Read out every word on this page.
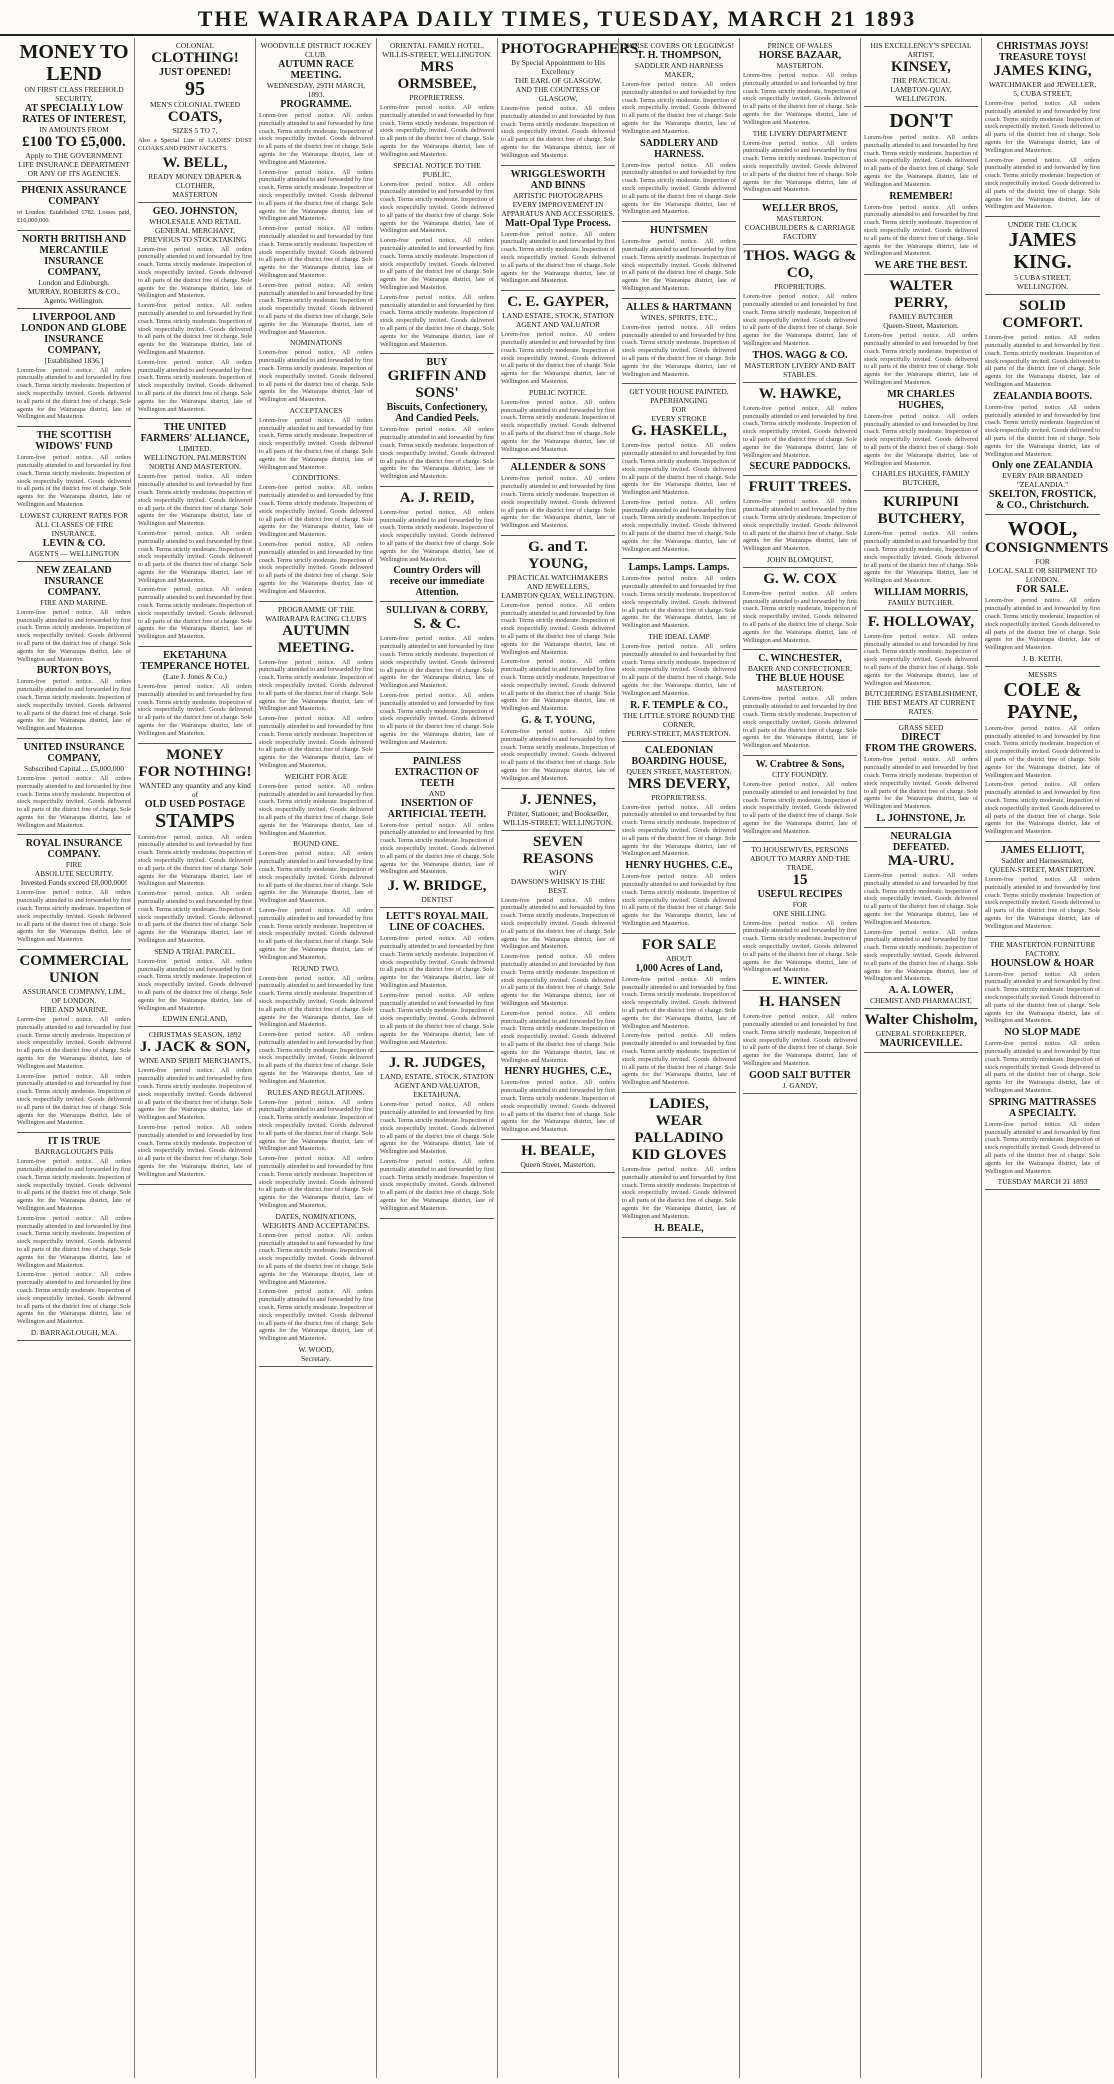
THE WAIRARAPA DAILY TIMES, TUESDAY, MARCH 21 1893
MONEY TO LEND
ON FIRST CLASS FREEHOLD SECURITY,
AT SPECIALLY LOW RATES OF INTEREST,
IN AMOUNTS FROM
£100 TO £5,000.
Apply to THE GOVERNMENT LIFE INSURANCE DEPARTMENT OR ANY OF ITS AGENCIES.
PHŒNIX ASSURANCE COMPANY
of London. Established 1782. Losses paid, £16,000,000.
NORTH BRITISH AND MERCANTILE INSURANCE COMPANY,
London and Edinburgh.
MURRAY, ROBERTS & CO., Agents, Wellington.
LIVERPOOL AND LONDON AND GLOBE INSURANCE COMPANY,
[Established 1836.]
Lorem-free period notice. All orders punctually attended to and forwarded by first coach. Terms strictly moderate. Inspection of stock respectfully invited. Goods delivered to all parts of the district free of charge. Sole agents for the Wairarapa district, late of Wellington and Masterton.
THE SCOTTISH WIDOWS' FUND
Lorem-free period notice. All orders punctually attended to and forwarded by first coach. Terms strictly moderate. Inspection of stock respectfully invited. Goods delivered to all parts of the district free of charge. Sole agents for the Wairarapa district, late of Wellington and Masterton.
LOWEST CURRENT RATES FOR ALL CLASSES OF FIRE INSURANCE.
LEVIN & CO.
AGENTS — WELLINGTON
NEW ZEALAND INSURANCE COMPANY.
FIRE AND MARINE.
Lorem-free period notice. All orders punctually attended to and forwarded by first coach. Terms strictly moderate. Inspection of stock respectfully invited. Goods delivered to all parts of the district free of charge. Sole agents for the Wairarapa district, late of Wellington and Masterton.
BURTON BOYS,
Lorem-free period notice. All orders punctually attended to and forwarded by first coach. Terms strictly moderate. Inspection of stock respectfully invited. Goods delivered to all parts of the district free of charge. Sole agents for the Wairarapa district, late of Wellington and Masterton.
UNITED INSURANCE COMPANY,
Subscribed Capital ... £5,000,000
Lorem-free period notice. All orders punctually attended to and forwarded by first coach. Terms strictly moderate. Inspection of stock respectfully invited. Goods delivered to all parts of the district free of charge. Sole agents for the Wairarapa district, late of Wellington and Masterton.
ROYAL INSURANCE COMPANY.
FIRE
ABSOLUTE SECURITY.
Invested Funds exceed £8,000,000!
Lorem-free period notice. All orders punctually attended to and forwarded by first coach. Terms strictly moderate. Inspection of stock respectfully invited. Goods delivered to all parts of the district free of charge. Sole agents for the Wairarapa district, late of Wellington and Masterton.
COMMERCIAL UNION
ASSURANCE COMPANY, LIM., OF LONDON.
FIRE AND MARINE.
Lorem-free period notice. All orders punctually attended to and forwarded by first coach. Terms strictly moderate. Inspection of stock respectfully invited. Goods delivered to all parts of the district free of charge. Sole agents for the Wairarapa district, late of Wellington and Masterton.
Lorem-free period notice. All orders punctually attended to and forwarded by first coach. Terms strictly moderate. Inspection of stock respectfully invited. Goods delivered to all parts of the district free of charge. Sole agents for the Wairarapa district, late of Wellington and Masterton.
IT IS TRUE
BARRAGLOUGH'S Pills
Lorem-free period notice. All orders punctually attended to and forwarded by first coach. Terms strictly moderate. Inspection of stock respectfully invited. Goods delivered to all parts of the district free of charge. Sole agents for the Wairarapa district, late of Wellington and Masterton.
Lorem-free period notice. All orders punctually attended to and forwarded by first coach. Terms strictly moderate. Inspection of stock respectfully invited. Goods delivered to all parts of the district free of charge. Sole agents for the Wairarapa district, late of Wellington and Masterton.
Lorem-free period notice. All orders punctually attended to and forwarded by first coach. Terms strictly moderate. Inspection of stock respectfully invited. Goods delivered to all parts of the district free of charge. Sole agents for the Wairarapa district, late of Wellington and Masterton.
D. BARRAGLOUGH, M.A.
COLONIAL
CLOTHING!
JUST OPENED!
95
MEN'S COLONIAL TWEED
COATS,
SIZES 5 TO 7,
Also a Special Line of LADIES' DUST CLOAKS AND PRINT JACKETS.
W. BELL,
READY MONEY DRAPER & CLOTHIER,
MASTERTON
GEO. JOHNSTON,
WHOLESALE AND RETAIL GENERAL MERCHANT,
PREVIOUS TO STOCKTAKING
Lorem-free period notice. All orders punctually attended to and forwarded by first coach. Terms strictly moderate. Inspection of stock respectfully invited. Goods delivered to all parts of the district free of charge. Sole agents for the Wairarapa district, late of Wellington and Masterton.
Lorem-free period notice. All orders punctually attended to and forwarded by first coach. Terms strictly moderate. Inspection of stock respectfully invited. Goods delivered to all parts of the district free of charge. Sole agents for the Wairarapa district, late of Wellington and Masterton.
Lorem-free period notice. All orders punctually attended to and forwarded by first coach. Terms strictly moderate. Inspection of stock respectfully invited. Goods delivered to all parts of the district free of charge. Sole agents for the Wairarapa district, late of Wellington and Masterton.
THE UNITED FARMERS' ALLIANCE,
LIMITED.
WELLINGTON, PALMERSTON NORTH AND MASTERTON.
Lorem-free period notice. All orders punctually attended to and forwarded by first coach. Terms strictly moderate. Inspection of stock respectfully invited. Goods delivered to all parts of the district free of charge. Sole agents for the Wairarapa district, late of Wellington and Masterton.
Lorem-free period notice. All orders punctually attended to and forwarded by first coach. Terms strictly moderate. Inspection of stock respectfully invited. Goods delivered to all parts of the district free of charge. Sole agents for the Wairarapa district, late of Wellington and Masterton.
Lorem-free period notice. All orders punctually attended to and forwarded by first coach. Terms strictly moderate. Inspection of stock respectfully invited. Goods delivered to all parts of the district free of charge. Sole agents for the Wairarapa district, late of Wellington and Masterton.
EKETAHUNA TEMPERANCE HOTEL
(Late J. Jones & Co.)
Lorem-free period notice. All orders punctually attended to and forwarded by first coach. Terms strictly moderate. Inspection of stock respectfully invited. Goods delivered to all parts of the district free of charge. Sole agents for the Wairarapa district, late of Wellington and Masterton.
MONEY
FOR NOTHING!
WANTED any quantity and any kind of
OLD USED POSTAGE
STAMPS
Lorem-free period notice. All orders punctually attended to and forwarded by first coach. Terms strictly moderate. Inspection of stock respectfully invited. Goods delivered to all parts of the district free of charge. Sole agents for the Wairarapa district, late of Wellington and Masterton.
Lorem-free period notice. All orders punctually attended to and forwarded by first coach. Terms strictly moderate. Inspection of stock respectfully invited. Goods delivered to all parts of the district free of charge. Sole agents for the Wairarapa district, late of Wellington and Masterton.
SEND A TRIAL PARCEL.
Lorem-free period notice. All orders punctually attended to and forwarded by first coach. Terms strictly moderate. Inspection of stock respectfully invited. Goods delivered to all parts of the district free of charge. Sole agents for the Wairarapa district, late of Wellington and Masterton.
EDWIN ENGLAND,
CHRISTMAS SEASON, 1892
J. JACK & SON,
WINE AND SPIRIT MERCHANTS,
Lorem-free period notice. All orders punctually attended to and forwarded by first coach. Terms strictly moderate. Inspection of stock respectfully invited. Goods delivered to all parts of the district free of charge. Sole agents for the Wairarapa district, late of Wellington and Masterton.
Lorem-free period notice. All orders punctually attended to and forwarded by first coach. Terms strictly moderate. Inspection of stock respectfully invited. Goods delivered to all parts of the district free of charge. Sole agents for the Wairarapa district, late of Wellington and Masterton.
WOODVILLE DISTRICT JOCKEY CLUB.
AUTUMN RACE MEETING.
WEDNESDAY, 29TH MARCH, 1893.
PROGRAMME.
Lorem-free period notice. All orders punctually attended to and forwarded by first coach. Terms strictly moderate. Inspection of stock respectfully invited. Goods delivered to all parts of the district free of charge. Sole agents for the Wairarapa district, late of Wellington and Masterton.
Lorem-free period notice. All orders punctually attended to and forwarded by first coach. Terms strictly moderate. Inspection of stock respectfully invited. Goods delivered to all parts of the district free of charge. Sole agents for the Wairarapa district, late of Wellington and Masterton.
Lorem-free period notice. All orders punctually attended to and forwarded by first coach. Terms strictly moderate. Inspection of stock respectfully invited. Goods delivered to all parts of the district free of charge. Sole agents for the Wairarapa district, late of Wellington and Masterton.
Lorem-free period notice. All orders punctually attended to and forwarded by first coach. Terms strictly moderate. Inspection of stock respectfully invited. Goods delivered to all parts of the district free of charge. Sole agents for the Wairarapa district, late of Wellington and Masterton.
NOMINATIONS
Lorem-free period notice. All orders punctually attended to and forwarded by first coach. Terms strictly moderate. Inspection of stock respectfully invited. Goods delivered to all parts of the district free of charge. Sole agents for the Wairarapa district, late of Wellington and Masterton.
ACCEPTANCES
Lorem-free period notice. All orders punctually attended to and forwarded by first coach. Terms strictly moderate. Inspection of stock respectfully invited. Goods delivered to all parts of the district free of charge. Sole agents for the Wairarapa district, late of Wellington and Masterton.
CONDITIONS.
Lorem-free period notice. All orders punctually attended to and forwarded by first coach. Terms strictly moderate. Inspection of stock respectfully invited. Goods delivered to all parts of the district free of charge. Sole agents for the Wairarapa district, late of Wellington and Masterton.
Lorem-free period notice. All orders punctually attended to and forwarded by first coach. Terms strictly moderate. Inspection of stock respectfully invited. Goods delivered to all parts of the district free of charge. Sole agents for the Wairarapa district, late of Wellington and Masterton.
PROGRAMME OF THE
WAIRARAPA RACING CLUB'S
AUTUMN MEETING.
Lorem-free period notice. All orders punctually attended to and forwarded by first coach. Terms strictly moderate. Inspection of stock respectfully invited. Goods delivered to all parts of the district free of charge. Sole agents for the Wairarapa district, late of Wellington and Masterton.
Lorem-free period notice. All orders punctually attended to and forwarded by first coach. Terms strictly moderate. Inspection of stock respectfully invited. Goods delivered to all parts of the district free of charge. Sole agents for the Wairarapa district, late of Wellington and Masterton.
WEIGHT FOR AGE
Lorem-free period notice. All orders punctually attended to and forwarded by first coach. Terms strictly moderate. Inspection of stock respectfully invited. Goods delivered to all parts of the district free of charge. Sole agents for the Wairarapa district, late of Wellington and Masterton.
ROUND ONE.
Lorem-free period notice. All orders punctually attended to and forwarded by first coach. Terms strictly moderate. Inspection of stock respectfully invited. Goods delivered to all parts of the district free of charge. Sole agents for the Wairarapa district, late of Wellington and Masterton.
Lorem-free period notice. All orders punctually attended to and forwarded by first coach. Terms strictly moderate. Inspection of stock respectfully invited. Goods delivered to all parts of the district free of charge. Sole agents for the Wairarapa district, late of Wellington and Masterton.
ROUND TWO.
Lorem-free period notice. All orders punctually attended to and forwarded by first coach. Terms strictly moderate. Inspection of stock respectfully invited. Goods delivered to all parts of the district free of charge. Sole agents for the Wairarapa district, late of Wellington and Masterton.
Lorem-free period notice. All orders punctually attended to and forwarded by first coach. Terms strictly moderate. Inspection of stock respectfully invited. Goods delivered to all parts of the district free of charge. Sole agents for the Wairarapa district, late of Wellington and Masterton.
RULES AND REGULATIONS.
Lorem-free period notice. All orders punctually attended to and forwarded by first coach. Terms strictly moderate. Inspection of stock respectfully invited. Goods delivered to all parts of the district free of charge. Sole agents for the Wairarapa district, late of Wellington and Masterton.
Lorem-free period notice. All orders punctually attended to and forwarded by first coach. Terms strictly moderate. Inspection of stock respectfully invited. Goods delivered to all parts of the district free of charge. Sole agents for the Wairarapa district, late of Wellington and Masterton.
DATES, NOMINATIONS, WEIGHTS AND ACCEPTANCES.
Lorem-free period notice. All orders punctually attended to and forwarded by first coach. Terms strictly moderate. Inspection of stock respectfully invited. Goods delivered to all parts of the district free of charge. Sole agents for the Wairarapa district, late of Wellington and Masterton.
Lorem-free period notice. All orders punctually attended to and forwarded by first coach. Terms strictly moderate. Inspection of stock respectfully invited. Goods delivered to all parts of the district free of charge. Sole agents for the Wairarapa district, late of Wellington and Masterton.
W. WOOD,
Secretary.
ORIENTAL FAMILY HOTEL,
WILLIS-STREET, WELLINGTON.
MRS ORMSBEE,
PROPRIETRESS.
Lorem-free period notice. All orders punctually attended to and forwarded by first coach. Terms strictly moderate. Inspection of stock respectfully invited. Goods delivered to all parts of the district free of charge. Sole agents for the Wairarapa district, late of Wellington and Masterton.
SPECIAL NOTICE TO THE PUBLIC.
Lorem-free period notice. All orders punctually attended to and forwarded by first coach. Terms strictly moderate. Inspection of stock respectfully invited. Goods delivered to all parts of the district free of charge. Sole agents for the Wairarapa district, late of Wellington and Masterton.
Lorem-free period notice. All orders punctually attended to and forwarded by first coach. Terms strictly moderate. Inspection of stock respectfully invited. Goods delivered to all parts of the district free of charge. Sole agents for the Wairarapa district, late of Wellington and Masterton.
Lorem-free period notice. All orders punctually attended to and forwarded by first coach. Terms strictly moderate. Inspection of stock respectfully invited. Goods delivered to all parts of the district free of charge. Sole agents for the Wairarapa district, late of Wellington and Masterton.
BUY
GRIFFIN AND SONS'
Biscuits, Confectionery,
And Candied Peels.
Lorem-free period notice. All orders punctually attended to and forwarded by first coach. Terms strictly moderate. Inspection of stock respectfully invited. Goods delivered to all parts of the district free of charge. Sole agents for the Wairarapa district, late of Wellington and Masterton.
A. J. REID,
Lorem-free period notice. All orders punctually attended to and forwarded by first coach. Terms strictly moderate. Inspection of stock respectfully invited. Goods delivered to all parts of the district free of charge. Sole agents for the Wairarapa district, late of Wellington and Masterton.
Country Orders will receive our immediate Attention.
SULLIVAN & CORBY,
S. & C.
Lorem-free period notice. All orders punctually attended to and forwarded by first coach. Terms strictly moderate. Inspection of stock respectfully invited. Goods delivered to all parts of the district free of charge. Sole agents for the Wairarapa district, late of Wellington and Masterton.
Lorem-free period notice. All orders punctually attended to and forwarded by first coach. Terms strictly moderate. Inspection of stock respectfully invited. Goods delivered to all parts of the district free of charge. Sole agents for the Wairarapa district, late of Wellington and Masterton.
PAINLESS EXTRACTION OF TEETH
AND
INSERTION OF ARTIFICIAL TEETH.
Lorem-free period notice. All orders punctually attended to and forwarded by first coach. Terms strictly moderate. Inspection of stock respectfully invited. Goods delivered to all parts of the district free of charge. Sole agents for the Wairarapa district, late of Wellington and Masterton.
J. W. BRIDGE,
DENTIST
LETT'S ROYAL MAIL LINE OF COACHES.
Lorem-free period notice. All orders punctually attended to and forwarded by first coach. Terms strictly moderate. Inspection of stock respectfully invited. Goods delivered to all parts of the district free of charge. Sole agents for the Wairarapa district, late of Wellington and Masterton.
Lorem-free period notice. All orders punctually attended to and forwarded by first coach. Terms strictly moderate. Inspection of stock respectfully invited. Goods delivered to all parts of the district free of charge. Sole agents for the Wairarapa district, late of Wellington and Masterton.
J. R. JUDGES,
LAND, ESTATE, STOCK, STATION AGENT AND VALUATOR,
EKETAHUNA.
Lorem-free period notice. All orders punctually attended to and forwarded by first coach. Terms strictly moderate. Inspection of stock respectfully invited. Goods delivered to all parts of the district free of charge. Sole agents for the Wairarapa district, late of Wellington and Masterton.
Lorem-free period notice. All orders punctually attended to and forwarded by first coach. Terms strictly moderate. Inspection of stock respectfully invited. Goods delivered to all parts of the district free of charge. Sole agents for the Wairarapa district, late of Wellington and Masterton.
PHOTOGRAPHERS.
By Special Appointment to His Excellency
THE EARL OF GLASGOW,
AND THE COUNTESS OF GLASGOW,
Lorem-free period notice. All orders punctually attended to and forwarded by first coach. Terms strictly moderate. Inspection of stock respectfully invited. Goods delivered to all parts of the district free of charge. Sole agents for the Wairarapa district, late of Wellington and Masterton.
WRIGGLESWORTH AND BINNS
ARTISTIC PHOTOGRAPHS
EVERY IMPROVEMENT IN APPARATUS AND ACCESSORIES.
Matt-Opal Type Process.
Lorem-free period notice. All orders punctually attended to and forwarded by first coach. Terms strictly moderate. Inspection of stock respectfully invited. Goods delivered to all parts of the district free of charge. Sole agents for the Wairarapa district, late of Wellington and Masterton.
C. E. GAYPER,
LAND ESTATE, STOCK, STATION AGENT AND VALUATOR
Lorem-free period notice. All orders punctually attended to and forwarded by first coach. Terms strictly moderate. Inspection of stock respectfully invited. Goods delivered to all parts of the district free of charge. Sole agents for the Wairarapa district, late of Wellington and Masterton.
PUBLIC NOTICE.
Lorem-free period notice. All orders punctually attended to and forwarded by first coach. Terms strictly moderate. Inspection of stock respectfully invited. Goods delivered to all parts of the district free of charge. Sole agents for the Wairarapa district, late of Wellington and Masterton.
ALLENDER & SONS
Lorem-free period notice. All orders punctually attended to and forwarded by first coach. Terms strictly moderate. Inspection of stock respectfully invited. Goods delivered to all parts of the district free of charge. Sole agents for the Wairarapa district, late of Wellington and Masterton.
G. and T. YOUNG,
PRACTICAL WATCHMAKERS AND JEWELLERS,
LAMBTON QUAY, WELLINGTON.
Lorem-free period notice. All orders punctually attended to and forwarded by first coach. Terms strictly moderate. Inspection of stock respectfully invited. Goods delivered to all parts of the district free of charge. Sole agents for the Wairarapa district, late of Wellington and Masterton.
Lorem-free period notice. All orders punctually attended to and forwarded by first coach. Terms strictly moderate. Inspection of stock respectfully invited. Goods delivered to all parts of the district free of charge. Sole agents for the Wairarapa district, late of Wellington and Masterton.
G. & T. YOUNG,
Lorem-free period notice. All orders punctually attended to and forwarded by first coach. Terms strictly moderate. Inspection of stock respectfully invited. Goods delivered to all parts of the district free of charge. Sole agents for the Wairarapa district, late of Wellington and Masterton.
J. JENNES,
Printer, Stationer, and Bookseller,
WILLIS-STREET, WELLINGTON.
SEVEN REASONS
WHY
DAWSON'S WHISKY IS THE
BEST.
Lorem-free period notice. All orders punctually attended to and forwarded by first coach. Terms strictly moderate. Inspection of stock respectfully invited. Goods delivered to all parts of the district free of charge. Sole agents for the Wairarapa district, late of Wellington and Masterton.
Lorem-free period notice. All orders punctually attended to and forwarded by first coach. Terms strictly moderate. Inspection of stock respectfully invited. Goods delivered to all parts of the district free of charge. Sole agents for the Wairarapa district, late of Wellington and Masterton.
Lorem-free period notice. All orders punctually attended to and forwarded by first coach. Terms strictly moderate. Inspection of stock respectfully invited. Goods delivered to all parts of the district free of charge. Sole agents for the Wairarapa district, late of Wellington and Masterton.
HENRY HUGHES, C.E.,
Lorem-free period notice. All orders punctually attended to and forwarded by first coach. Terms strictly moderate. Inspection of stock respectfully invited. Goods delivered to all parts of the district free of charge. Sole agents for the Wairarapa district, late of Wellington and Masterton.
H. BEALE,
Queen Street, Masterton.
HORSE COVERS OR LEGGINGS!
T. H. THOMPSON,
SADDLER AND HARNESS MAKER,
Lorem-free period notice. All orders punctually attended to and forwarded by first coach. Terms strictly moderate. Inspection of stock respectfully invited. Goods delivered to all parts of the district free of charge. Sole agents for the Wairarapa district, late of Wellington and Masterton.
SADDLERY AND HARNESS.
Lorem-free period notice. All orders punctually attended to and forwarded by first coach. Terms strictly moderate. Inspection of stock respectfully invited. Goods delivered to all parts of the district free of charge. Sole agents for the Wairarapa district, late of Wellington and Masterton.
HUNTSMEN
Lorem-free period notice. All orders punctually attended to and forwarded by first coach. Terms strictly moderate. Inspection of stock respectfully invited. Goods delivered to all parts of the district free of charge. Sole agents for the Wairarapa district, late of Wellington and Masterton.
ALLES & HARTMANN
WINES, SPIRITS, ETC.,
Lorem-free period notice. All orders punctually attended to and forwarded by first coach. Terms strictly moderate. Inspection of stock respectfully invited. Goods delivered to all parts of the district free of charge. Sole agents for the Wairarapa district, late of Wellington and Masterton.
GET YOUR HOUSE PAINTED, PAPERHANGING
FOR
EVERY STROKE
G. HASKELL,
Lorem-free period notice. All orders punctually attended to and forwarded by first coach. Terms strictly moderate. Inspection of stock respectfully invited. Goods delivered to all parts of the district free of charge. Sole agents for the Wairarapa district, late of Wellington and Masterton.
Lorem-free period notice. All orders punctually attended to and forwarded by first coach. Terms strictly moderate. Inspection of stock respectfully invited. Goods delivered to all parts of the district free of charge. Sole agents for the Wairarapa district, late of Wellington and Masterton.
Lamps. Lamps. Lamps.
Lorem-free period notice. All orders punctually attended to and forwarded by first coach. Terms strictly moderate. Inspection of stock respectfully invited. Goods delivered to all parts of the district free of charge. Sole agents for the Wairarapa district, late of Wellington and Masterton.
THE IDEAL LAMP
Lorem-free period notice. All orders punctually attended to and forwarded by first coach. Terms strictly moderate. Inspection of stock respectfully invited. Goods delivered to all parts of the district free of charge. Sole agents for the Wairarapa district, late of Wellington and Masterton.
R. F. TEMPLE & CO.,
THE LITTLE STORE ROUND THE CORNER,
PERRY-STREET, MASTERTON.
CALEDONIAN BOARDING HOUSE,
QUEEN STREET, MASTERTON.
MRS DEVERY,
PROPRIETRESS.
Lorem-free period notice. All orders punctually attended to and forwarded by first coach. Terms strictly moderate. Inspection of stock respectfully invited. Goods delivered to all parts of the district free of charge. Sole agents for the Wairarapa district, late of Wellington and Masterton.
HENRY HUGHES. C.E.,
Lorem-free period notice. All orders punctually attended to and forwarded by first coach. Terms strictly moderate. Inspection of stock respectfully invited. Goods delivered to all parts of the district free of charge. Sole agents for the Wairarapa district, late of Wellington and Masterton.
FOR SALE
ABOUT
1,000 Acres of Land,
Lorem-free period notice. All orders punctually attended to and forwarded by first coach. Terms strictly moderate. Inspection of stock respectfully invited. Goods delivered to all parts of the district free of charge. Sole agents for the Wairarapa district, late of Wellington and Masterton.
Lorem-free period notice. All orders punctually attended to and forwarded by first coach. Terms strictly moderate. Inspection of stock respectfully invited. Goods delivered to all parts of the district free of charge. Sole agents for the Wairarapa district, late of Wellington and Masterton.
LADIES,
WEAR
PALLADINO
KID GLOVES
Lorem-free period notice. All orders punctually attended to and forwarded by first coach. Terms strictly moderate. Inspection of stock respectfully invited. Goods delivered to all parts of the district free of charge. Sole agents for the Wairarapa district, late of Wellington and Masterton.
H. BEALE,
PRINCE OF WALES
HORSE BAZAAR,
MASTERTON.
Lorem-free period notice. All orders punctually attended to and forwarded by first coach. Terms strictly moderate. Inspection of stock respectfully invited. Goods delivered to all parts of the district free of charge. Sole agents for the Wairarapa district, late of Wellington and Masterton.
THE LIVERY DEPARTMENT
Lorem-free period notice. All orders punctually attended to and forwarded by first coach. Terms strictly moderate. Inspection of stock respectfully invited. Goods delivered to all parts of the district free of charge. Sole agents for the Wairarapa district, late of Wellington and Masterton.
WELLER BROS,
MASTERTON.
COACHBUILDERS & CARRIAGE FACTORY
THOS. WAGG & CO,
PROPRIETORS.
Lorem-free period notice. All orders punctually attended to and forwarded by first coach. Terms strictly moderate. Inspection of stock respectfully invited. Goods delivered to all parts of the district free of charge. Sole agents for the Wairarapa district, late of Wellington and Masterton.
THOS. WAGG & CO.
MASTERTON LIVERY AND BAIT STABLES.
W. HAWKE,
Lorem-free period notice. All orders punctually attended to and forwarded by first coach. Terms strictly moderate. Inspection of stock respectfully invited. Goods delivered to all parts of the district free of charge. Sole agents for the Wairarapa district, late of Wellington and Masterton.
SECURE PADDOCKS.
FRUIT TREES.
Lorem-free period notice. All orders punctually attended to and forwarded by first coach. Terms strictly moderate. Inspection of stock respectfully invited. Goods delivered to all parts of the district free of charge. Sole agents for the Wairarapa district, late of Wellington and Masterton.
JOHN BLOMQUIST,
G. W. COX
Lorem-free period notice. All orders punctually attended to and forwarded by first coach. Terms strictly moderate. Inspection of stock respectfully invited. Goods delivered to all parts of the district free of charge. Sole agents for the Wairarapa district, late of Wellington and Masterton.
C. WINCHESTER,
BAKER AND CONFECTIONER,
THE BLUE HOUSE
MASTERTON.
Lorem-free period notice. All orders punctually attended to and forwarded by first coach. Terms strictly moderate. Inspection of stock respectfully invited. Goods delivered to all parts of the district free of charge. Sole agents for the Wairarapa district, late of Wellington and Masterton.
W. Crabtree & Sons,
CITY FOUNDRY.
Lorem-free period notice. All orders punctually attended to and forwarded by first coach. Terms strictly moderate. Inspection of stock respectfully invited. Goods delivered to all parts of the district free of charge. Sole agents for the Wairarapa district, late of Wellington and Masterton.
TO HOUSEWIVES, PERSONS ABOUT TO MARRY AND THE TRADE.
15
USEFUL RECIPES
FOR
ONE SHILLING.
Lorem-free period notice. All orders punctually attended to and forwarded by first coach. Terms strictly moderate. Inspection of stock respectfully invited. Goods delivered to all parts of the district free of charge. Sole agents for the Wairarapa district, late of Wellington and Masterton.
E. WINTER.
H. HANSEN
Lorem-free period notice. All orders punctually attended to and forwarded by first coach. Terms strictly moderate. Inspection of stock respectfully invited. Goods delivered to all parts of the district free of charge. Sole agents for the Wairarapa district, late of Wellington and Masterton.
GOOD SALT BUTTER
J. GANDY,
HIS EXCELLENCY'S SPECIAL ARTIST.
KINSEY,
THE PRACTICAL
LAMBTON-QUAY, WELLINGTON.
DON'T
Lorem-free period notice. All orders punctually attended to and forwarded by first coach. Terms strictly moderate. Inspection of stock respectfully invited. Goods delivered to all parts of the district free of charge. Sole agents for the Wairarapa district, late of Wellington and Masterton.
REMEMBER!
Lorem-free period notice. All orders punctually attended to and forwarded by first coach. Terms strictly moderate. Inspection of stock respectfully invited. Goods delivered to all parts of the district free of charge. Sole agents for the Wairarapa district, late of Wellington and Masterton.
WE ARE THE BEST.
WALTER PERRY,
FAMILY BUTCHER
Queen-Street, Masterton.
Lorem-free period notice. All orders punctually attended to and forwarded by first coach. Terms strictly moderate. Inspection of stock respectfully invited. Goods delivered to all parts of the district free of charge. Sole agents for the Wairarapa district, late of Wellington and Masterton.
MR CHARLES HUGHES,
Lorem-free period notice. All orders punctually attended to and forwarded by first coach. Terms strictly moderate. Inspection of stock respectfully invited. Goods delivered to all parts of the district free of charge. Sole agents for the Wairarapa district, late of Wellington and Masterton.
CHARLES HUGHES, FAMILY BUTCHER,
KURIPUNI
BUTCHERY,
Lorem-free period notice. All orders punctually attended to and forwarded by first coach. Terms strictly moderate. Inspection of stock respectfully invited. Goods delivered to all parts of the district free of charge. Sole agents for the Wairarapa district, late of Wellington and Masterton.
WILLIAM MORRIS,
FAMILY BUTCHER.
F. HOLLOWAY,
Lorem-free period notice. All orders punctually attended to and forwarded by first coach. Terms strictly moderate. Inspection of stock respectfully invited. Goods delivered to all parts of the district free of charge. Sole agents for the Wairarapa district, late of Wellington and Masterton.
BUTCHERING ESTABLISHMENT,
THE BEST MEATS AT CURRENT RATES.
GRASS SEED
DIRECT
FROM THE GROWERS.
Lorem-free period notice. All orders punctually attended to and forwarded by first coach. Terms strictly moderate. Inspection of stock respectfully invited. Goods delivered to all parts of the district free of charge. Sole agents for the Wairarapa district, late of Wellington and Masterton.
L. JOHNSTONE, Jr.
NEURALGIA DEFEATED.
MA-URU.
Lorem-free period notice. All orders punctually attended to and forwarded by first coach. Terms strictly moderate. Inspection of stock respectfully invited. Goods delivered to all parts of the district free of charge. Sole agents for the Wairarapa district, late of Wellington and Masterton.
Lorem-free period notice. All orders punctually attended to and forwarded by first coach. Terms strictly moderate. Inspection of stock respectfully invited. Goods delivered to all parts of the district free of charge. Sole agents for the Wairarapa district, late of Wellington and Masterton.
A. A. LOWER,
CHEMIST AND PHARMACIST,
Walter Chisholm,
GENERAL STOREKEEPER,
MAURICEVILLE.
CHRISTMAS JOYS!
TREASURE TOYS!
JAMES KING,
WATCHMAKER and JEWELLER,
5, CUBA STREET,
Lorem-free period notice. All orders punctually attended to and forwarded by first coach. Terms strictly moderate. Inspection of stock respectfully invited. Goods delivered to all parts of the district free of charge. Sole agents for the Wairarapa district, late of Wellington and Masterton.
Lorem-free period notice. All orders punctually attended to and forwarded by first coach. Terms strictly moderate. Inspection of stock respectfully invited. Goods delivered to all parts of the district free of charge. Sole agents for the Wairarapa district, late of Wellington and Masterton.
UNDER THE CLOCK
JAMES KING.
5 CUBA STREET,
WELLINGTON.
SOLID COMFORT.
Lorem-free period notice. All orders punctually attended to and forwarded by first coach. Terms strictly moderate. Inspection of stock respectfully invited. Goods delivered to all parts of the district free of charge. Sole agents for the Wairarapa district, late of Wellington and Masterton.
ZEALANDIA BOOTS.
Lorem-free period notice. All orders punctually attended to and forwarded by first coach. Terms strictly moderate. Inspection of stock respectfully invited. Goods delivered to all parts of the district free of charge. Sole agents for the Wairarapa district, late of Wellington and Masterton.
Only one ZEALANDIA
EVERY PAIR BRANDED "ZEALANDIA."
SKELTON, FROSTICK, & CO., Christchurch.
WOOL,
CONSIGNMENTS
FOR
LOCAL SALE OR SHIPMENT TO LONDON.
FOR SALE.
Lorem-free period notice. All orders punctually attended to and forwarded by first coach. Terms strictly moderate. Inspection of stock respectfully invited. Goods delivered to all parts of the district free of charge. Sole agents for the Wairarapa district, late of Wellington and Masterton.
J. B. KEITH.
MESSRS
COLE & PAYNE,
Lorem-free period notice. All orders punctually attended to and forwarded by first coach. Terms strictly moderate. Inspection of stock respectfully invited. Goods delivered to all parts of the district free of charge. Sole agents for the Wairarapa district, late of Wellington and Masterton.
Lorem-free period notice. All orders punctually attended to and forwarded by first coach. Terms strictly moderate. Inspection of stock respectfully invited. Goods delivered to all parts of the district free of charge. Sole agents for the Wairarapa district, late of Wellington and Masterton.
JAMES ELLIOTT,
Saddler and Harnessmaker,
QUEEN-STREET, MASTERTON.
Lorem-free period notice. All orders punctually attended to and forwarded by first coach. Terms strictly moderate. Inspection of stock respectfully invited. Goods delivered to all parts of the district free of charge. Sole agents for the Wairarapa district, late of Wellington and Masterton.
THE MASTERTON FURNITURE FACTORY.
HOUNSLOW & HOAR
Lorem-free period notice. All orders punctually attended to and forwarded by first coach. Terms strictly moderate. Inspection of stock respectfully invited. Goods delivered to all parts of the district free of charge. Sole agents for the Wairarapa district, late of Wellington and Masterton.
NO SLOP MADE
Lorem-free period notice. All orders punctually attended to and forwarded by first coach. Terms strictly moderate. Inspection of stock respectfully invited. Goods delivered to all parts of the district free of charge. Sole agents for the Wairarapa district, late of Wellington and Masterton.
SPRING MATTRASSES A SPECIALTY.
Lorem-free period notice. All orders punctually attended to and forwarded by first coach. Terms strictly moderate. Inspection of stock respectfully invited. Goods delivered to all parts of the district free of charge. Sole agents for the Wairarapa district, late of Wellington and Masterton.
TUESDAY MARCH 21 1893
